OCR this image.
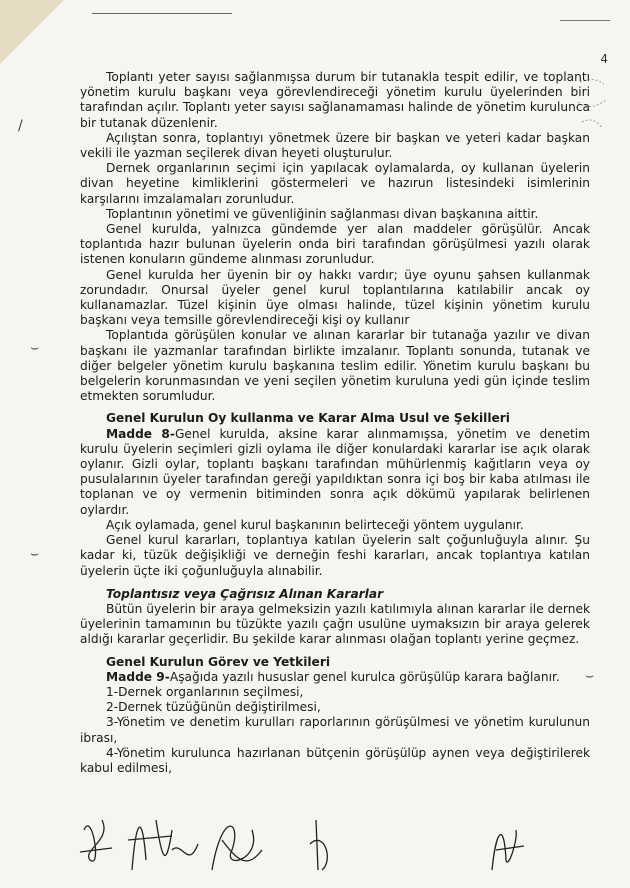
4
/
⌣
⌣
⌣

Toplantı yeter sayısı sağlanmışsa durum bir tutanakla tespit edilir, ve toplantı yönetim kurulu başkanı veya görevlendireceği yönetim kurulu üyelerinden biri tarafından açılır. Toplantı yeter sayısı sağlanamaması halinde de yönetim kurulunca bir tutanak düzenlenir.

Açılıştan sonra, toplantıyı yönetmek üzere bir başkan ve yeteri kadar başkan vekili ile yazman seçilerek divan heyeti oluşturulur.

Dernek organlarının seçimi için yapılacak oylamalarda, oy kullanan üyelerin divan heyetine kimliklerini göstermeleri ve hazırun listesindeki isimlerinin karşılarını imzalamaları zorunludur.

Toplantının yönetimi ve güvenliğinin sağlanması divan başkanına aittir.

Genel kurulda, yalnızca gündemde yer alan maddeler görüşülür. Ancak toplantıda hazır bulunan üyelerin onda biri tarafından görüşülmesi yazılı olarak istenen konuların gündeme alınması zorunludur.

Genel kurulda her üyenin bir oy hakkı vardır; üye oyunu şahsen kullanmak zorundadır. Onursal üyeler genel kurul toplantılarına katılabilir ancak oy kullanamazlar. Tüzel kişinin üye olması halinde, tüzel kişinin yönetim kurulu başkanı veya temsille görevlendireceği kişi oy kullanır

Toplantıda görüşülen konular ve alınan kararlar bir tutanağa yazılır ve divan başkanı ile yazmanlar tarafından birlikte imzalanır. Toplantı sonunda, tutanak ve diğer belgeler yönetim kurulu başkanına teslim edilir. Yönetim kurulu başkanı bu belgelerin korunmasından ve yeni seçilen yönetim kuruluna yedi gün içinde teslim etmekten sorumludur.

Genel Kurulun Oy kullanma ve Karar Alma Usul ve Şekilleri

Madde 8-Genel kurulda, aksine karar alınmamışsa, yönetim ve denetim kurulu üyelerin seçimleri gizli oylama ile diğer konulardaki kararlar ise açık olarak oylanır. Gizli oylar, toplantı başkanı tarafından mühürlenmiş kağıtların veya oy pusulalarının üyeler tarafından gereği yapıldıktan sonra içi boş bir kaba atılması ile toplanan ve oy vermenin bitiminden sonra açık dökümü yapılarak belirlenen oylardır.

Açık oylamada, genel kurul başkanının belirteceği yöntem uygulanır.

Genel kurul kararları, toplantıya katılan üyelerin salt çoğunluğuyla alınır. Şu kadar ki, tüzük değişikliği ve derneğin feshi kararları, ancak toplantıya katılan üyelerin üçte iki çoğunluğuyla alınabilir.

Toplantısız veya Çağrısız Alınan Kararlar

Bütün üyelerin bir araya gelmeksizin yazılı katılımıyla alınan kararlar ile dernek üyelerinin tamamının bu tüzükte yazılı çağrı usulüne uymaksızın bir araya gelerek aldığı kararlar geçerlidir. Bu şekilde karar alınması olağan toplantı yerine geçmez.

Genel Kurulun Görev ve Yetkileri

Madde 9-Aşağıda yazılı hususlar genel kurulca görüşülüp karara bağlanır.

1-Dernek organlarının seçilmesi,

2-Dernek tüzüğünün değiştirilmesi,

3-Yönetim ve denetim kurulları raporlarının görüşülmesi ve yönetim kurulunun ibrası,

4-Yönetim kurulunca hazırlanan bütçenin görüşülüp aynen veya değiştirilerek kabul edilmesi,
